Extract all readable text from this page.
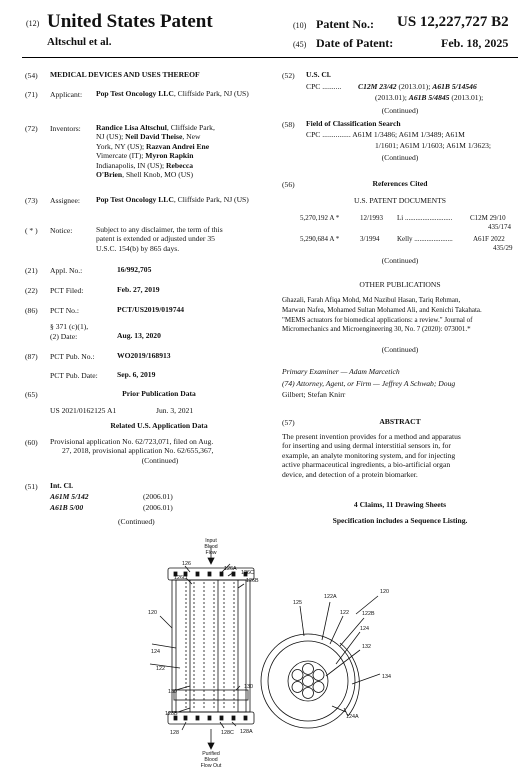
(12) United States Patent
Altschul et al.
(10) Patent No.: US 12,227,727 B2
(45) Date of Patent:	Feb. 18, 2025
(54) MEDICAL DEVICES AND USES THEREOF
(71) Applicant: Pop Test Oncology LLC, Cliffside Park, NJ (US)
(72) Inventors: Randice Lisa Altschul, Cliffside Park,
NJ (US); Neil David Theise, New
York, NY (US); Razvan Andrei Ene
Vimercate (IT); Myron Rapkin
Indianapolis, IN (US); Rebecca
O'Brien, Shell Knob, MO (US)
(73) Assignee: Pop Test Oncology LLC, Cliffside Park, NJ (US)
( * ) Notice:	Subject to any disclaimer, the term of this
patent is extended or adjusted under 35
U.S.C. 154(b) by 865 days.
(21) Appl. No.:	16/992,705
(22) PCT Filed:	Feb. 27, 2019
(86) PCT No.:	PCT/US2019/019744
§ 371 (c)(1),
(2) Date:	Aug. 13, 2020
(87) PCT Pub. No.:	WO2019/168913
PCT Pub. Date:	Sep. 6, 2019
(65)	Prior Publication Data
US 2021/0162125 A1	Jun. 3, 2021
Related U.S. Application Data
(60) Provisional application No. 62/723,071, filed on Aug.
27, 2018, provisional application No. 62/655,367,
(Continued)
(51) Int. Cl.
A61M 5/142	(2006.01)
A61B 5/00	(2006.01)
(Continued)
(52) U.S. Cl.
CPC .......... C12M 23/42 (2013.01); A61B 5/14546
(2013.01); A61B 5/4845 (2013.01);
(Continued)
(58) Field of Classification Search
CPC ............... A61M 1/3486; A61M 1/3489; A61M
1/1601; A61M 1/1603; A61M 1/3623;
(Continued)
(56)	References Cited
U.S. PATENT DOCUMENTS
5,270,192 A *	12/1993 Li ...........................	C12M 29/10
435/174
5,290,684 A *	3/1994	Kelly ......................	A61F 2022
435/29
(Continued)
OTHER PUBLICATIONS
Ghazali, Farah Afiqa Mohd, Md Nazibul Hasan, Tariq Rehman,
Marwan Nafea, Mohamed Sultan Mohamed Ali, and Kenichi Takahata.
"MEMS actuators for biomedical applications: a review." Journal of
Micromechanics and Microengineering 30, No. 7 (2020): 073001.*
(Continued)
Primary Examiner — Adam Marcetich
(74) Attorney, Agent, or Firm — Jeffrey A Schwab; Doug
Gilbert; Stefan Knirr
(57)	ABSTRACT
The present invention provides for a method and apparatus
for inserting and using dermal interstitial sensors in, for
example, an analyte monitoring system, and for injecting
active pharmaceutical ingredients, a bio-artificial organ
device, and detection of a protein biomarker.
4 Claims, 11 Drawing Sheets
Specification includes a Sequence Listing.
Input
Blood
Flow
Purified
Blood
Flow Out
126
126A
126C
126D	126B
120
124
122
130
130
128B
128	128C 128A
125
122A
122 122B
120
124
132
134
124A
